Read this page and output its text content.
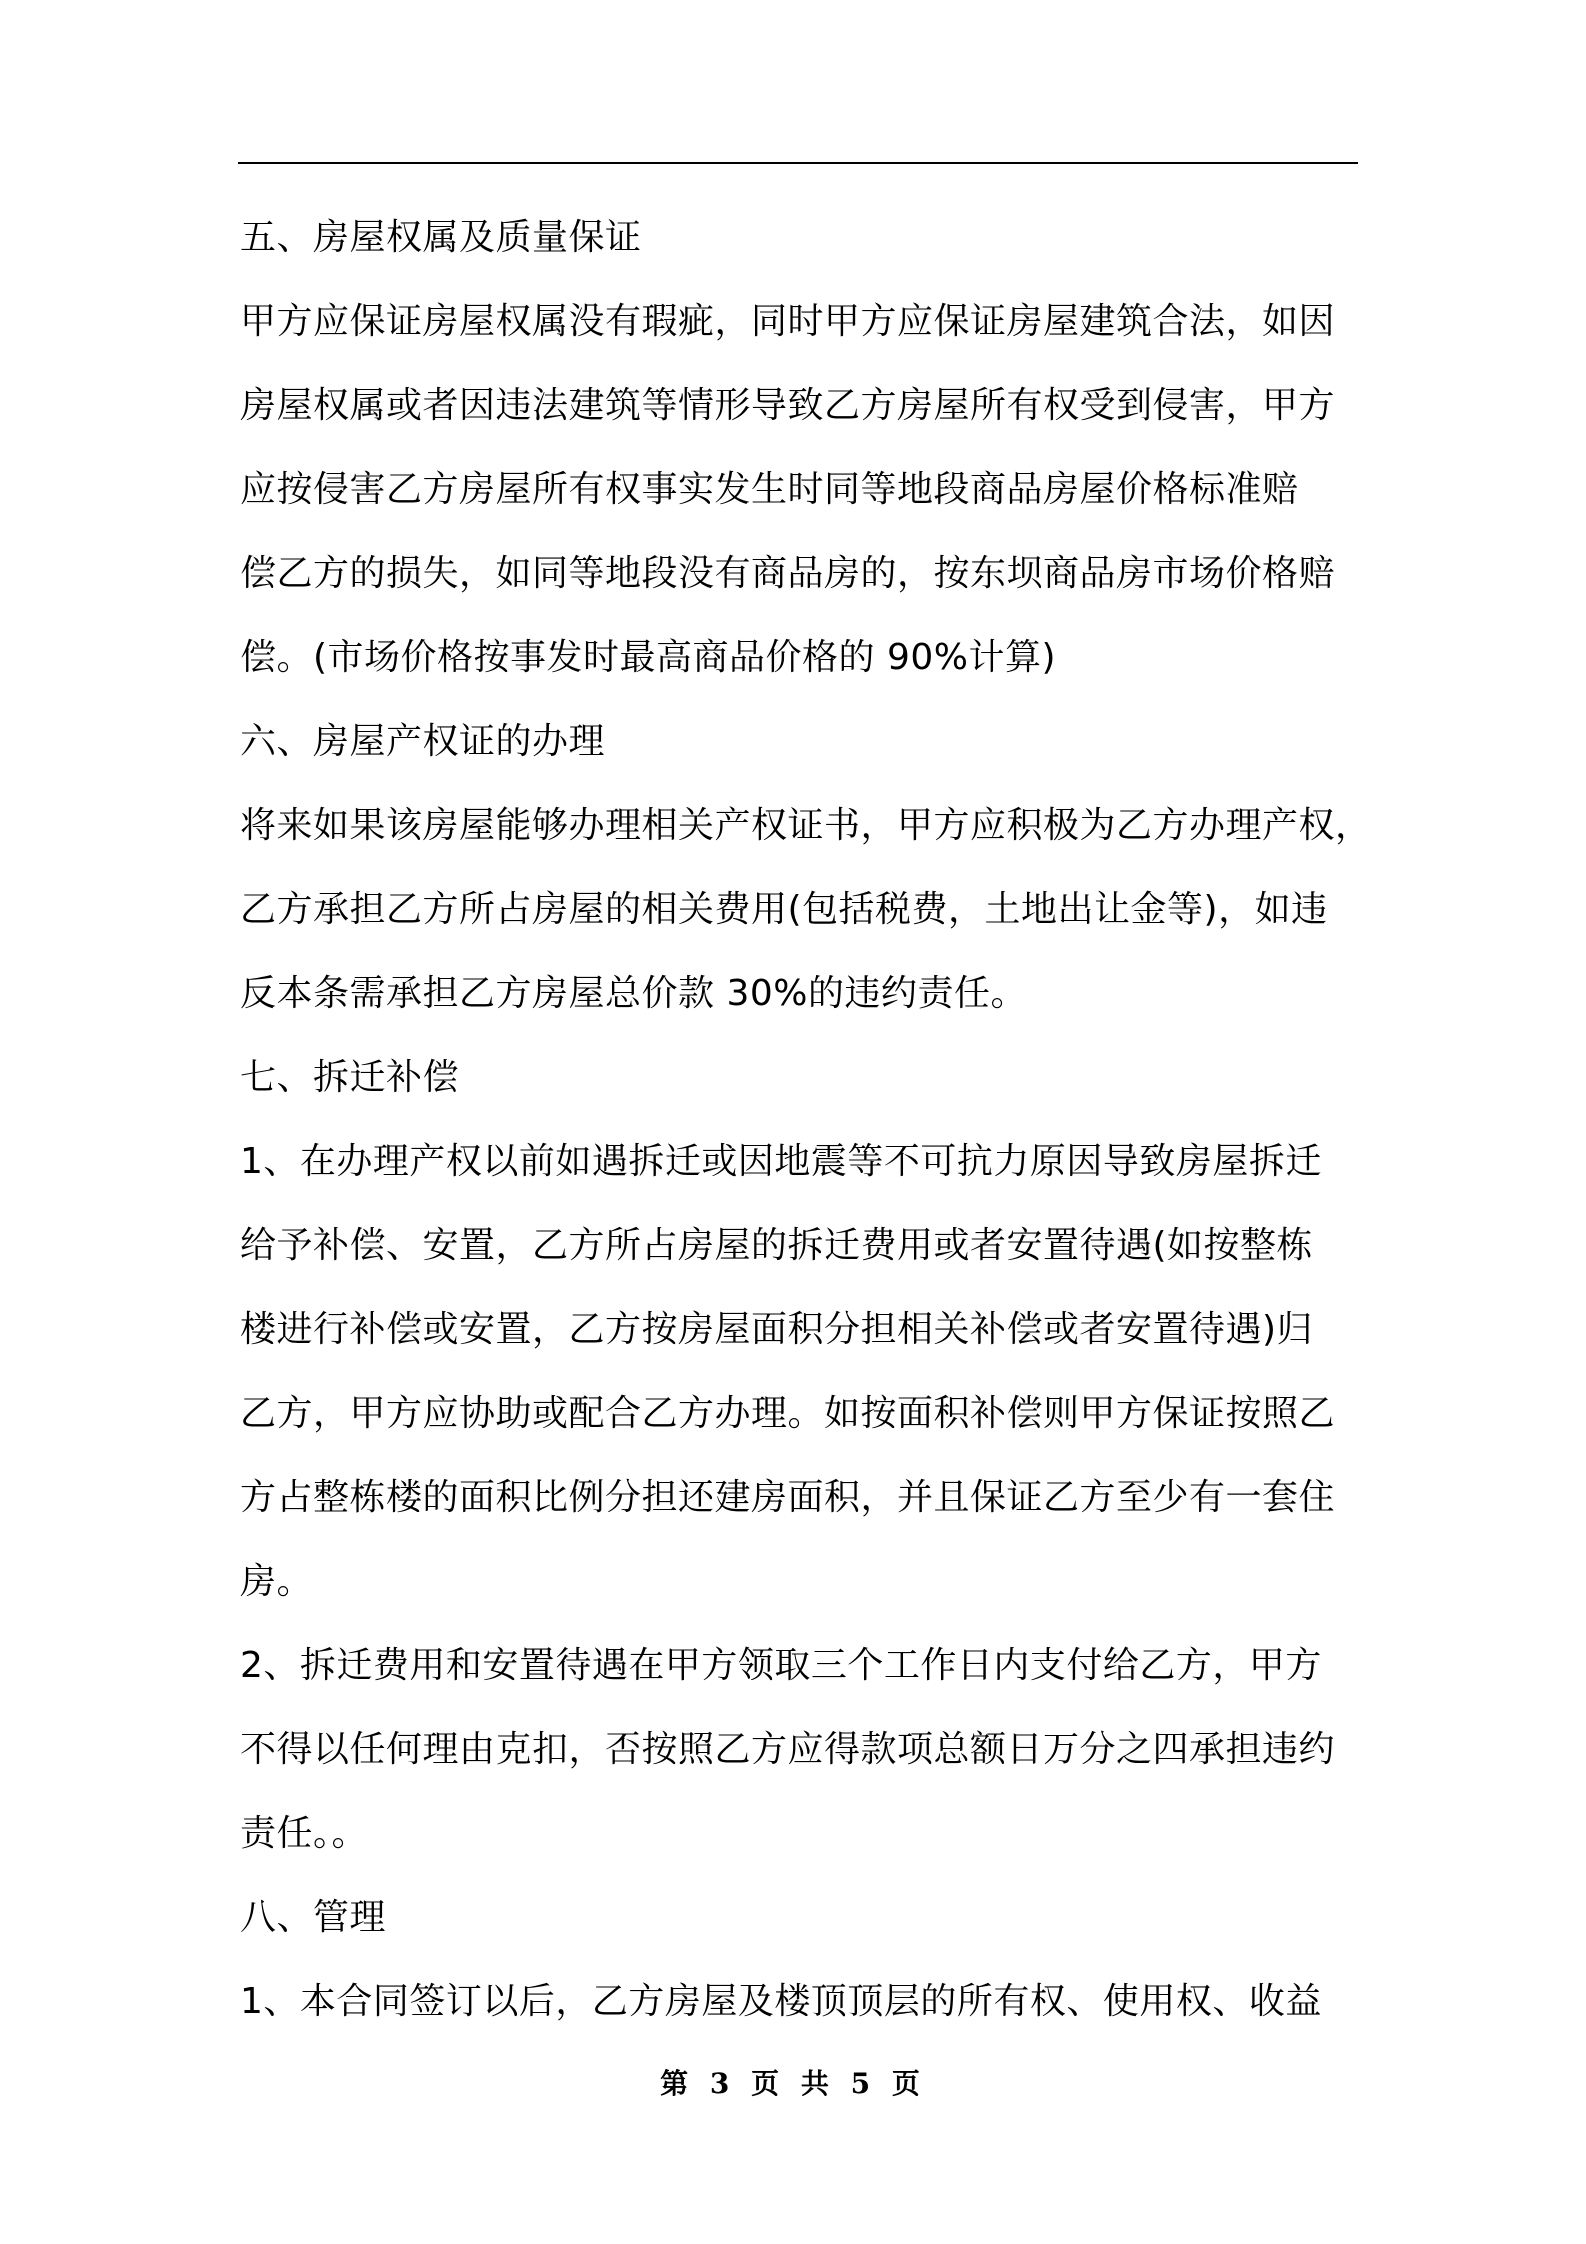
五、房屋权属及质量保证
甲方应保证房屋权属没有瑕疵，同时甲方应保证房屋建筑合法，如因
房屋权属或者因违法建筑等情形导致乙方房屋所有权受到侵害，甲方
应按侵害乙方房屋所有权事实发生时同等地段商品房屋价格标准赔
偿乙方的损失，如同等地段没有商品房的，按东坝商品房市场价格赔
偿。(市场价格按事发时最高商品价格的 90%计算)
六、房屋产权证的办理
将来如果该房屋能够办理相关产权证书，甲方应积极为乙方办理产权，
乙方承担乙方所占房屋的相关费用(包括税费，土地出让金等)，如违
反本条需承担乙方房屋总价款 30%的违约责任。
七、拆迁补偿
1、在办理产权以前如遇拆迁或因地震等不可抗力原因导致房屋拆迁
给予补偿、安置，乙方所占房屋的拆迁费用或者安置待遇(如按整栋
楼进行补偿或安置，乙方按房屋面积分担相关补偿或者安置待遇)归
乙方，甲方应协助或配合乙方办理。如按面积补偿则甲方保证按照乙
方占整栋楼的面积比例分担还建房面积，并且保证乙方至少有一套住
房。
2、拆迁费用和安置待遇在甲方领取三个工作日内支付给乙方，甲方
不得以任何理由克扣，否按照乙方应得款项总额日万分之四承担违约
责任。。
八、管理
1、本合同签订以后，乙方房屋及楼顶顶层的所有权、使用权、收益
第 3 页 共 5 页
